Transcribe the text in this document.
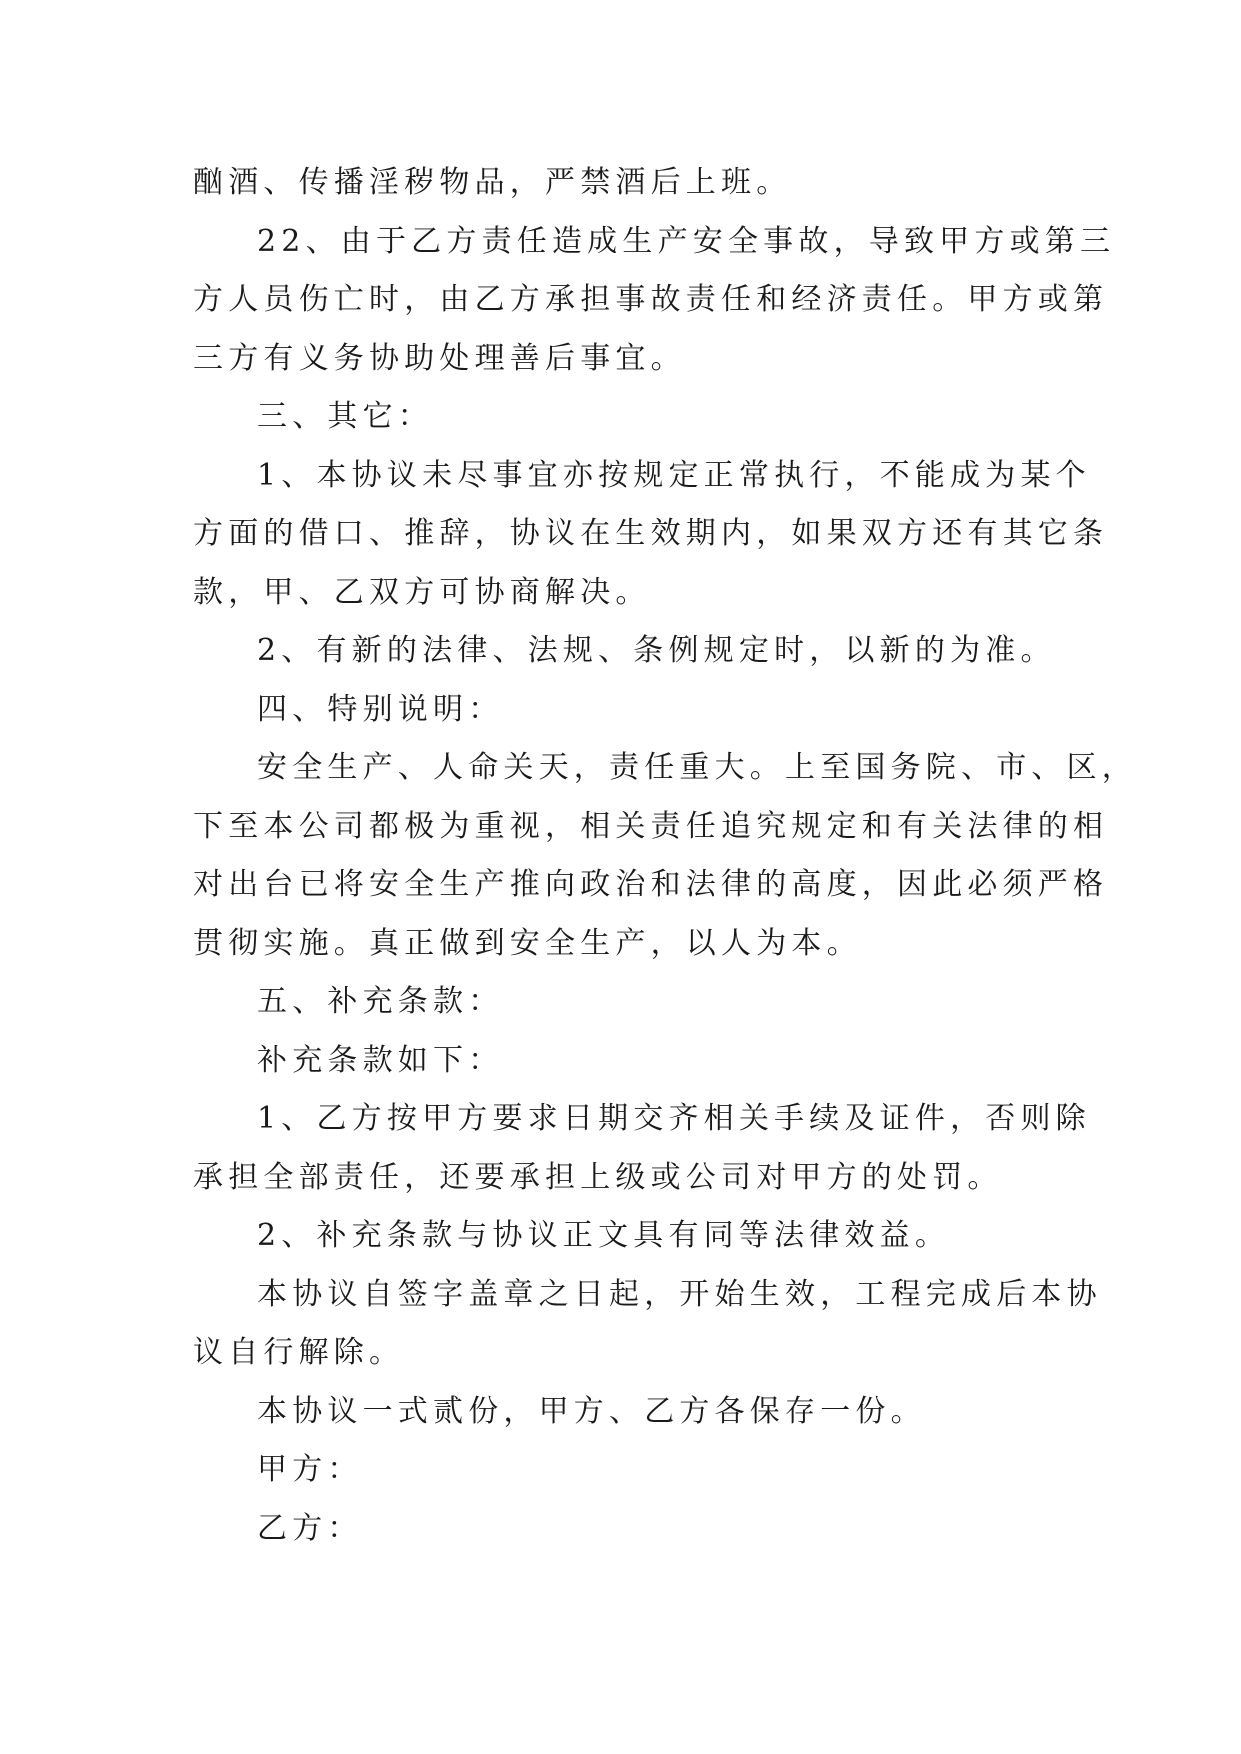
酗酒、传播淫秽物品，严禁酒后上班。
22、由于乙方责任造成生产安全事故，导致甲方或第三
方人员伤亡时，由乙方承担事故责任和经济责任。甲方或第
三方有义务协助处理善后事宜。
三、其它：
1、本协议未尽事宜亦按规定正常执行，不能成为某个
方面的借口、推辞，协议在生效期内，如果双方还有其它条
款，甲、乙双方可协商解决。
2、有新的法律、法规、条例规定时，以新的为准。
四、特别说明：
安全生产、人命关天，责任重大。上至国务院、市、区，
下至本公司都极为重视，相关责任追究规定和有关法律的相
对出台已将安全生产推向政治和法律的高度，因此必须严格
贯彻实施。真正做到安全生产，以人为本。
五、补充条款：
补充条款如下：
1、乙方按甲方要求日期交齐相关手续及证件，否则除
承担全部责任，还要承担上级或公司对甲方的处罚。
2、补充条款与协议正文具有同等法律效益。
本协议自签字盖章之日起，开始生效，工程完成后本协
议自行解除。
本协议一式贰份，甲方、乙方各保存一份。
甲方：
乙方：
